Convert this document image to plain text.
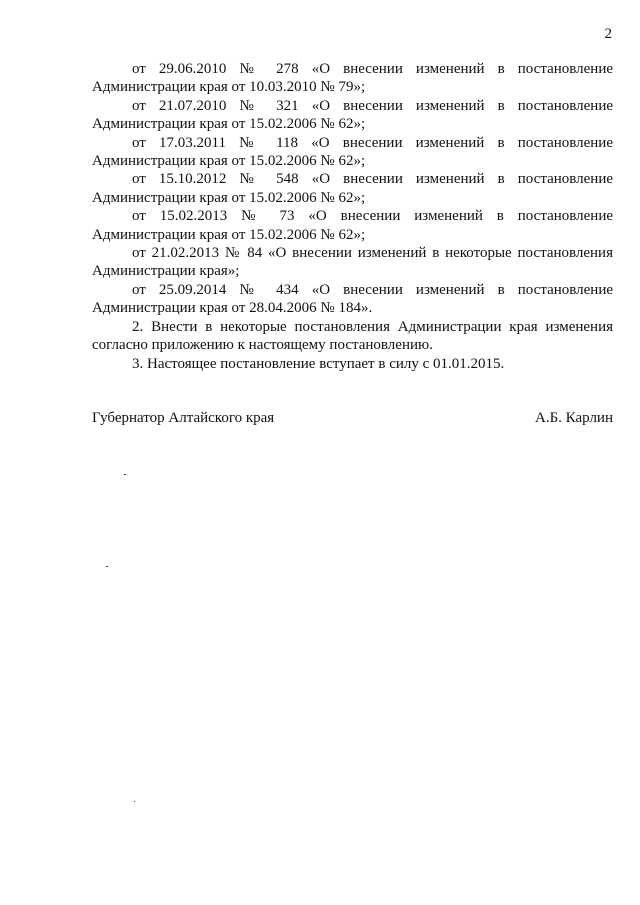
2

от 29.06.2010 № 278 «О внесении изменений в постановление Администрации края от 10.03.2010 № 79»;

от 21.07.2010 № 321 «О внесении изменений в постановление Администрации края от 15.02.2006 № 62»;

от 17.03.2011 № 118 «О внесении изменений в постановление Администрации края от 15.02.2006 № 62»;

от 15.10.2012 № 548 «О внесении изменений в постановление Администрации края от 15.02.2006 № 62»;

от 15.02.2013 № 73 «О внесении изменений в постановление Администрации края от 15.02.2006 № 62»;

от 21.02.2013 № 84 «О внесении изменений в некоторые постановления Администрации края»;

от 25.09.2014 № 434 «О внесении изменений в постановление Администрации края от 28.04.2006 № 184».

2. Внести в некоторые постановления Администрации края изменения согласно приложению к настоящему постановлению.

3. Настоящее постановление вступает в силу с 01.01.2015.

Губернатор Алтайского края	А.Б. Карлин
